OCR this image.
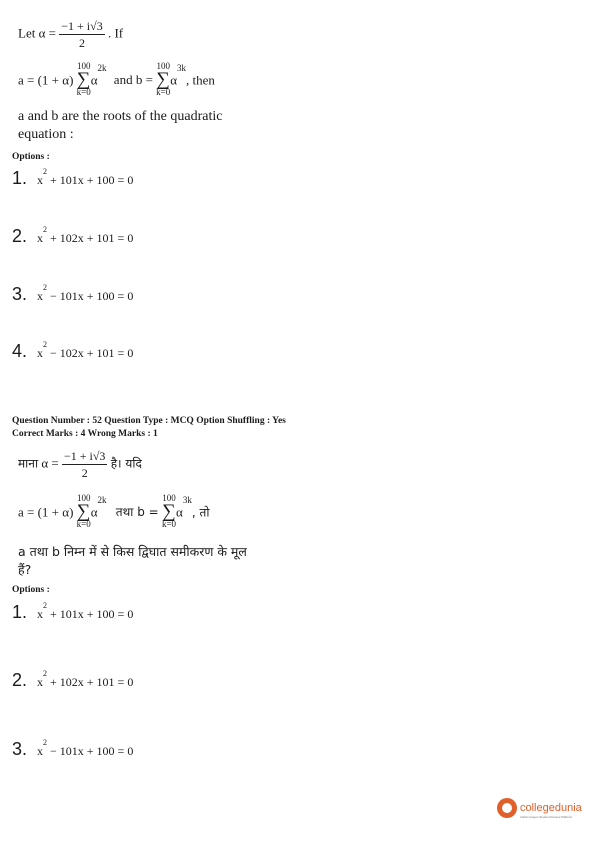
Let $\alpha = \frac{-1 + i√3}{2}$ . If
a = (1 + α)
100
∑
k=0
$\alpha^{2k}$ and b =
100
∑
k=0
$\alpha^{3k}$, then
a and b are the roots of the quadratic
equation :
Options :
1. $x^2 + 101x + 100 = 0$
2. $x^2 + 102x + 101 = 0$
3. $x^2 - 101x + 100 = 0$
4. $x^2 - 102x + 101 = 0$
Question Number : 52 Question Type : MCQ Option Shuffling : Yes
Correct Marks : 4 Wrong Marks : 1
माना $\alpha = \frac{-1 + i√3}{2}$ है। यदि
a = (1 + α)
100
∑
k=0
$\alpha^{2k}$ तथा b =
100
∑
k=0
$\alpha^{3k}$, तो
a तथा b निम्न में से किस द्विघात समीकरण के मूल
हैं?
Options :
1. $x^2 + 101x + 100 = 0$
2. $x^2 + 102x + 101 = 0$
3. $x^2 - 101x + 100 = 0$
collegedunia
India's largest Student Review Platform
